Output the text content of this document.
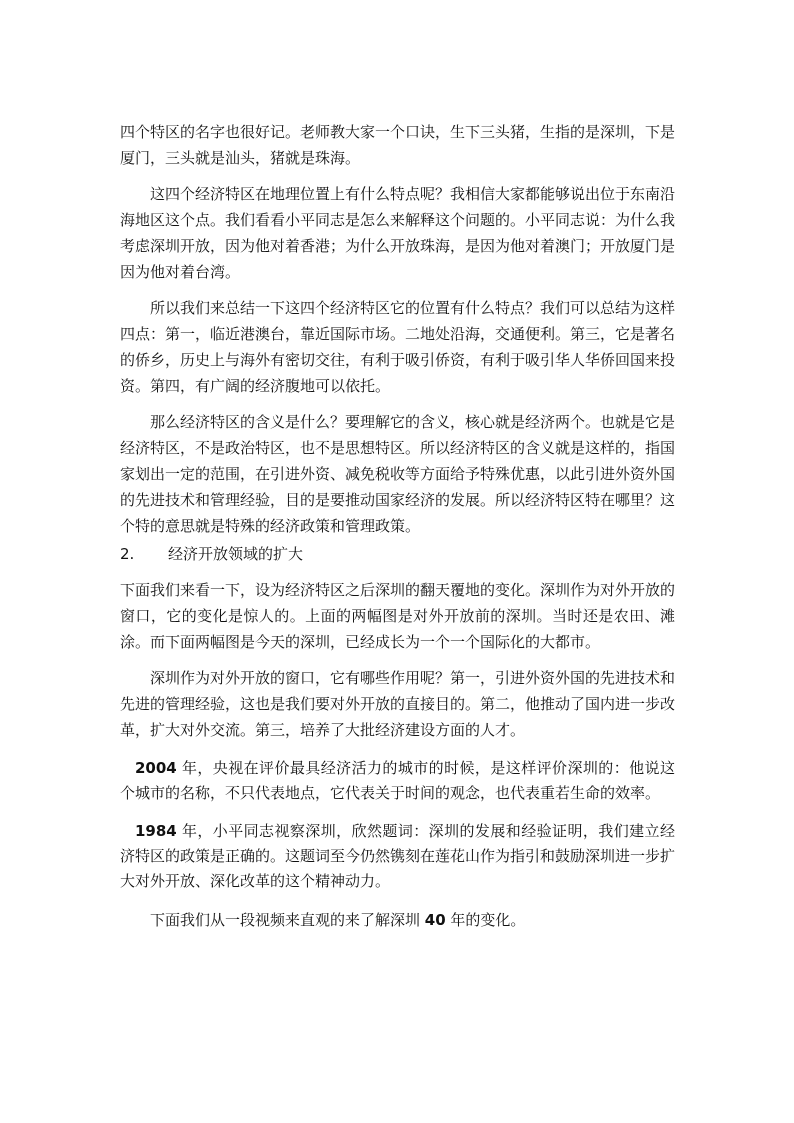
四个特区的名字也很好记。老师教大家一个口诀，生下三头猪，生指的是深圳，下是厦门，三头就是汕头，猪就是珠海。

这四个经济特区在地理位置上有什么特点呢？我相信大家都能够说出位于东南沿海地区这个点。我们看看小平同志是怎么来解释这个问题的。小平同志说：为什么我考虑深圳开放，因为他对着香港；为什么开放珠海，是因为他对着澳门；开放厦门是因为他对着台湾。

所以我们来总结一下这四个经济特区它的位置有什么特点？我们可以总结为这样四点：第一，临近港澳台，靠近国际市场。二地处沿海，交通便利。第三，它是著名的侨乡，历史上与海外有密切交往，有利于吸引侨资，有利于吸引华人华侨回国来投资。第四，有广阔的经济腹地可以依托。

那么经济特区的含义是什么？要理解它的含义，核心就是经济两个。也就是它是经济特区，不是政治特区，也不是思想特区。所以经济特区的含义就是这样的，指国家划出一定的范围，在引进外资、减免税收等方面给予特殊优惠，以此引进外资外国的先进技术和管理经验，目的是要推动国家经济的发展。所以经济特区特在哪里？这个特的意思就是特殊的经济政策和管理政策。

2.	经济开放领域的扩大

下面我们来看一下，设为经济特区之后深圳的翻天覆地的变化。深圳作为对外开放的窗口，它的变化是惊人的。上面的两幅图是对外开放前的深圳。当时还是农田、滩涂。而下面两幅图是今天的深圳，已经成长为一个一个国际化的大都市。

深圳作为对外开放的窗口，它有哪些作用呢？第一，引进外资外国的先进技术和先进的管理经验，这也是我们要对外开放的直接目的。第二，他推动了国内进一步改革，扩大对外交流。第三，培养了大批经济建设方面的人才。

 2004 年，央视在评价最具经济活力的城市的时候，是这样评价深圳的：他说这个城市的名称，不只代表地点，它代表关于时间的观念，也代表重若生命的效率。

 1984 年，小平同志视察深圳，欣然题词：深圳的发展和经验证明，我们建立经济特区的政策是正确的。这题词至今仍然镌刻在莲花山作为指引和鼓励深圳进一步扩大对外开放、深化改革的这个精神动力。

下面我们从一段视频来直观的来了解深圳 40 年的变化。
